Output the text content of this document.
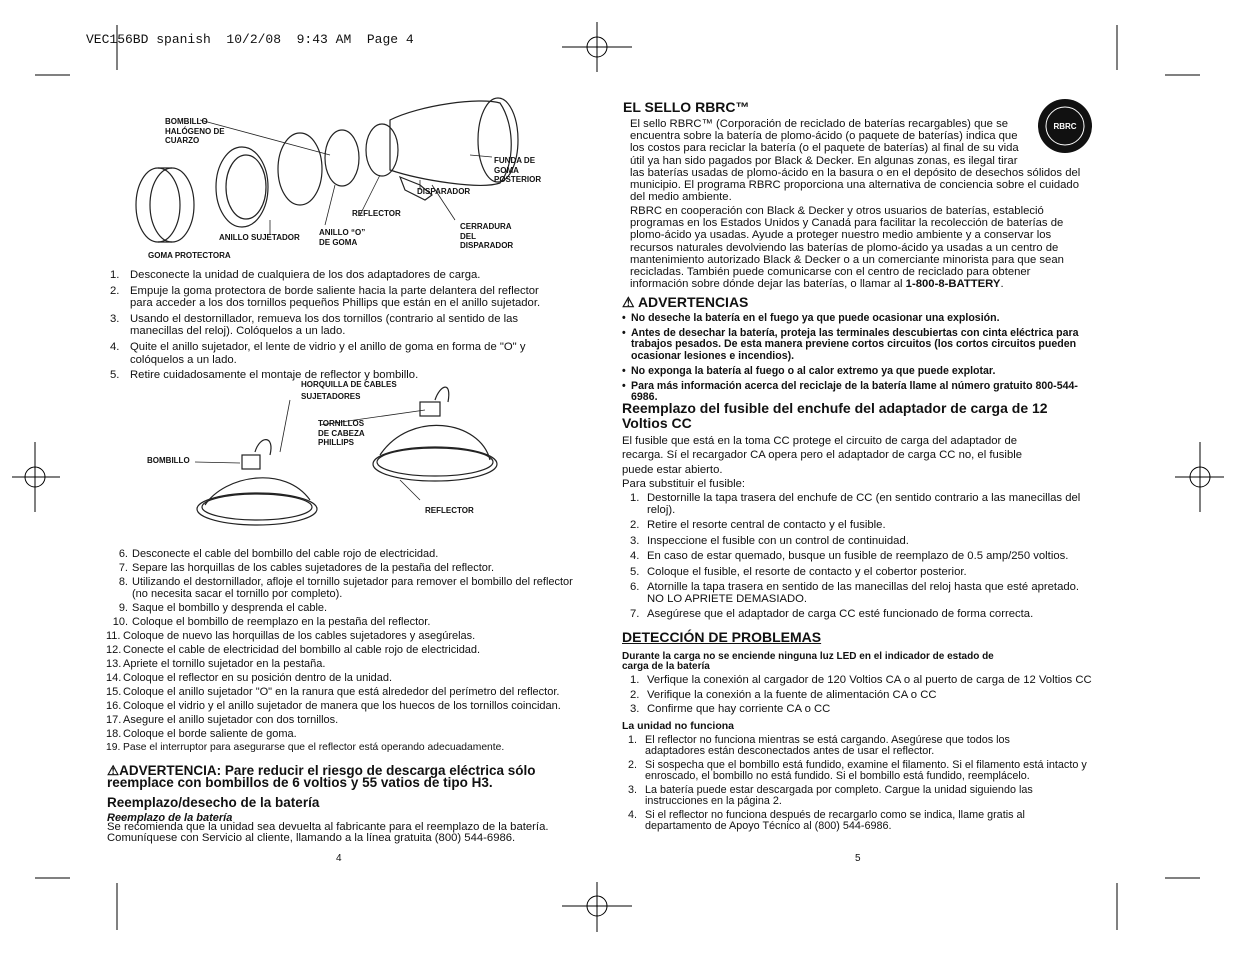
VEC156BD spanish  10/2/08  9:43 AM  Page 4
BOMBILLO
HALÓGENO DE
CUARZO
FUNDA DE
GOMA
POSTERIOR
DISPARADOR
REFLECTOR
CERRADURA
DEL
DISPARADOR
ANILLO “O”
DE GOMA
ANILLO SUJETADOR
GOMA PROTECTORA
1. Desconecte la unidad de cualquiera de los dos adaptadores de carga.
2. Empuje la goma protectora de borde saliente hacia la parte delantera del reflector para acceder a los dos tornillos pequeños Phillips que están en el anillo sujetador.
3. Usando el destornillador, remueva los dos tornillos (contrario al sentido de las manecillas del reloj). Colóquelos a un lado.
4. Quite el anillo sujetador, el lente de vidrio y el anillo de goma en forma de "O" y colóquelos a un lado.
5. Retire cuidadosamente el montaje de reflector y bombillo.
HORQUILLA DE CABLES
SUJETADORES
TORNILLOS
DE CABEZA
PHILLIPS
BOMBILLO
REFLECTOR
6. Desconecte el cable del bombillo del cable rojo de electricidad.
7. Separe las horquillas de los cables sujetadores de la pestaña del reflector.
8. Utilizando el destornillador, afloje el tornillo sujetador para remover el bombillo del reflector (no necesita sacar el tornillo por completo).
9. Saque el bombillo y desprenda el cable.
10. Coloque el bombillo de reemplazo en la pestaña del reflector.
11. Coloque de nuevo las horquillas de los cables sujetadores y asegúrelas.
12. Conecte el cable de electricidad del bombillo al cable rojo de electricidad.
13. Apriete el tornillo sujetador en la pestaña.
14. Coloque el reflector en su posición dentro de la unidad.
15. Coloque el anillo sujetador "O" en la ranura que está alrededor del perímetro del reflector.
16. Coloque el vidrio y el anillo sujetador de manera que los huecos de los tornillos coincidan.
17. Asegure el anillo sujetador con dos tornillos.
18. Coloque el borde saliente de goma.
19. Pase el interruptor para asegurarse que el reflector está operando adecuadamente.
⚠ADVERTENCIA: Pare reducir el riesgo de descarga eléctrica sólo reemplace con bombillos de 6 voltios y 55 vatios de tipo H3.
Reemplazo/desecho de la batería
Reemplazo de la batería
Se recomienda que la unidad sea devuelta al fabricante para el reemplazo de la batería. Comuníquese con Servicio al cliente, llamando a la línea gratuita (800) 544-6986.
4
EL SELLO RBRC™
RBRC
El sello RBRC™ (Corporación de reciclado de baterías recargables) que se encuentra sobre la batería de plomo-ácido (o paquete de baterías) indica que los costos para reciclar la batería (o el paquete de baterías) al final de su vida útil ya han sido pagados por Black & Decker. En algunas zonas, es ilegal tirar las baterías usadas de plomo-ácido en la basura o en el depósito de desechos sólidos del municipio. El programa RBRC proporciona una alternativa de conciencia sobre el cuidado del medio ambiente.
RBRC en cooperación con Black & Decker y otros usuarios de baterías, estableció programas en los Estados Unidos y Canadá para facilitar la recolección de baterías de plomo-ácido ya usadas. Ayude a proteger nuestro medio ambiente y a conservar los recursos naturales devolviendo las baterías de plomo-ácido ya usadas a un centro de mantenimiento autorizado Black & Decker o a un comerciante minorista para que sean recicladas. También puede comunicarse con el centro de reciclado para obtener información sobre dónde dejar las baterías, o llamar al 1-800-8-BATTERY.
⚠ ADVERTENCIAS
• No deseche la batería en el fuego ya que puede ocasionar una explosión.
• Antes de desechar la batería, proteja las terminales descubiertas con cinta eléctrica para trabajos pesados. De esta manera previene cortos circuitos (los cortos circuitos pueden ocasionar lesiones e incendios).
• No exponga la batería al fuego o al calor extremo ya que puede explotar.
• Para más información acerca del reciclaje de la batería llame al número gratuito 800-544-6986.
Reemplazo del fusible del enchufe del adaptador de carga de 12 Voltios CC
El fusible que está en la toma CC protege el circuito de carga del adaptador de recarga. Sí el recargador CA opera pero el adaptador de carga CC no, el fusible puede estar abierto.
Para substituir el fusible:
1. Destornille la tapa trasera del enchufe de CC (en sentido contrario a las manecillas del reloj).
2. Retire el resorte central de contacto y el fusible.
3. Inspeccione el fusible con un control de continuidad.
4. En caso de estar quemado, busque un fusible de reemplazo de 0.5 amp/250 voltios.
5. Coloque el fusible, el resorte de contacto y el cobertor posterior.
6. Atornille la tapa trasera en sentido de las manecillas del reloj hasta que esté apretado. NO LO APRIETE DEMASIADO.
7. Asegúrese que el adaptador de carga CC esté funcionado de forma correcta.
DETECCIÓN DE PROBLEMAS
Durante la carga no se enciende ninguna luz LED en el indicador de estado de carga de la batería
1. Verfique la conexión al cargador de 120 Voltios CA o al puerto de carga de 12 Voltios CC
2. Verifique la conexión a la fuente de alimentación CA o CC
3. Confirme que hay corriente CA o CC
La unidad no funciona
1. El reflector no funciona mientras se está cargando. Asegúrese que todos los adaptadores están desconectados antes de usar el reflector.
2. Si sospecha que el bombillo está fundido, examine el filamento. Si el filamento está intacto y enroscado, el bombillo no está fundido. Si el bombillo está fundido, reemplácelo.
3. La batería puede estar descargada por completo. Cargue la unidad siguiendo las instrucciones en la página 2.
4. Si el reflector no funciona después de recargarlo como se indica, llame gratis al departamento de Apoyo Técnico al (800) 544-6986.
5
